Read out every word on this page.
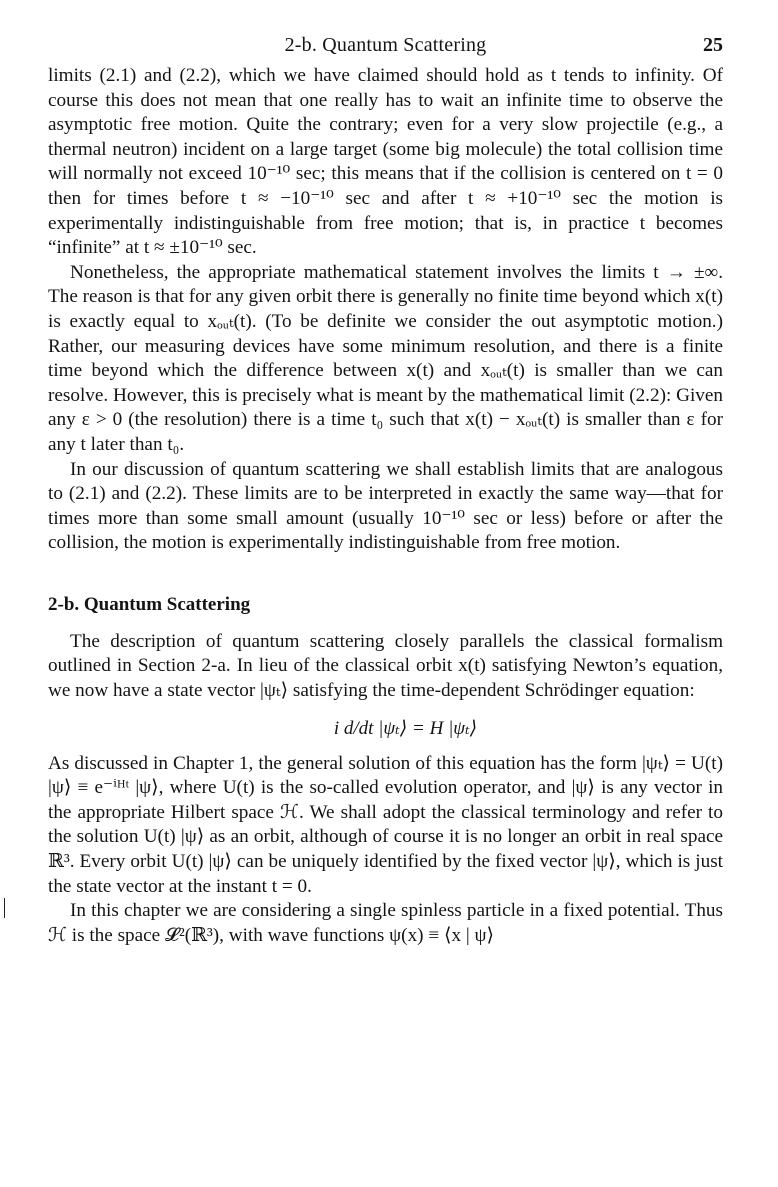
2-b. Quantum Scattering	25

limits (2.1) and (2.2), which we have claimed should hold as t tends to infinity. Of course this does not mean that one really has to wait an infinite time to observe the asymptotic free motion. Quite the contrary; even for a very slow projectile (e.g., a thermal neutron) incident on a large target (some big molecule) the total collision time will normally not exceed 10⁻¹⁰ sec; this means that if the collision is centered on t = 0 then for times before t ≈ −10⁻¹⁰ sec and after t ≈ +10⁻¹⁰ sec the motion is experimentally indistinguishable from free motion; that is, in practice t becomes “infinite” at t ≈ ±10⁻¹⁰ sec.

Nonetheless, the appropriate mathematical statement involves the limits t → ±∞. The reason is that for any given orbit there is generally no finite time beyond which x(t) is exactly equal to xₒᵤₜ(t). (To be definite we consider the out asymptotic motion.) Rather, our measuring devices have some minimum resolution, and there is a finite time beyond which the difference between x(t) and xₒᵤₜ(t) is smaller than we can resolve. However, this is precisely what is meant by the mathematical limit (2.2): Given any ε > 0 (the resolution) there is a time t₀ such that x(t) − xₒᵤₜ(t) is smaller than ε for any t later than t₀.

In our discussion of quantum scattering we shall establish limits that are analogous to (2.1) and (2.2). These limits are to be interpreted in exactly the same way—that for times more than some small amount (usually 10⁻¹⁰ sec or less) before or after the collision, the motion is experimentally indistinguishable from free motion.

2-b. Quantum Scattering

The description of quantum scattering closely parallels the classical formalism outlined in Section 2-a. In lieu of the classical orbit x(t) satisfying Newton’s equation, we now have a state vector |ψₜ⟩ satisfying the time-dependent Schrödinger equation:

i d/dt |ψₜ⟩ = H |ψₜ⟩

As discussed in Chapter 1, the general solution of this equation has the form |ψₜ⟩ = U(t) |ψ⟩ ≡ e⁻ⁱᴴᵗ |ψ⟩, where U(t) is the so-called evolution operator, and |ψ⟩ is any vector in the appropriate Hilbert space ℋ. We shall adopt the classical terminology and refer to the solution U(t) |ψ⟩ as an orbit, although of course it is no longer an orbit in real space ℝ³. Every orbit U(t) |ψ⟩ can be uniquely identified by the fixed vector |ψ⟩, which is just the state vector at the instant t = 0.

In this chapter we are considering a single spinless particle in a fixed potential. Thus ℋ is the space 𝓛²(ℝ³), with wave functions ψ(x) ≡ ⟨x | ψ⟩
